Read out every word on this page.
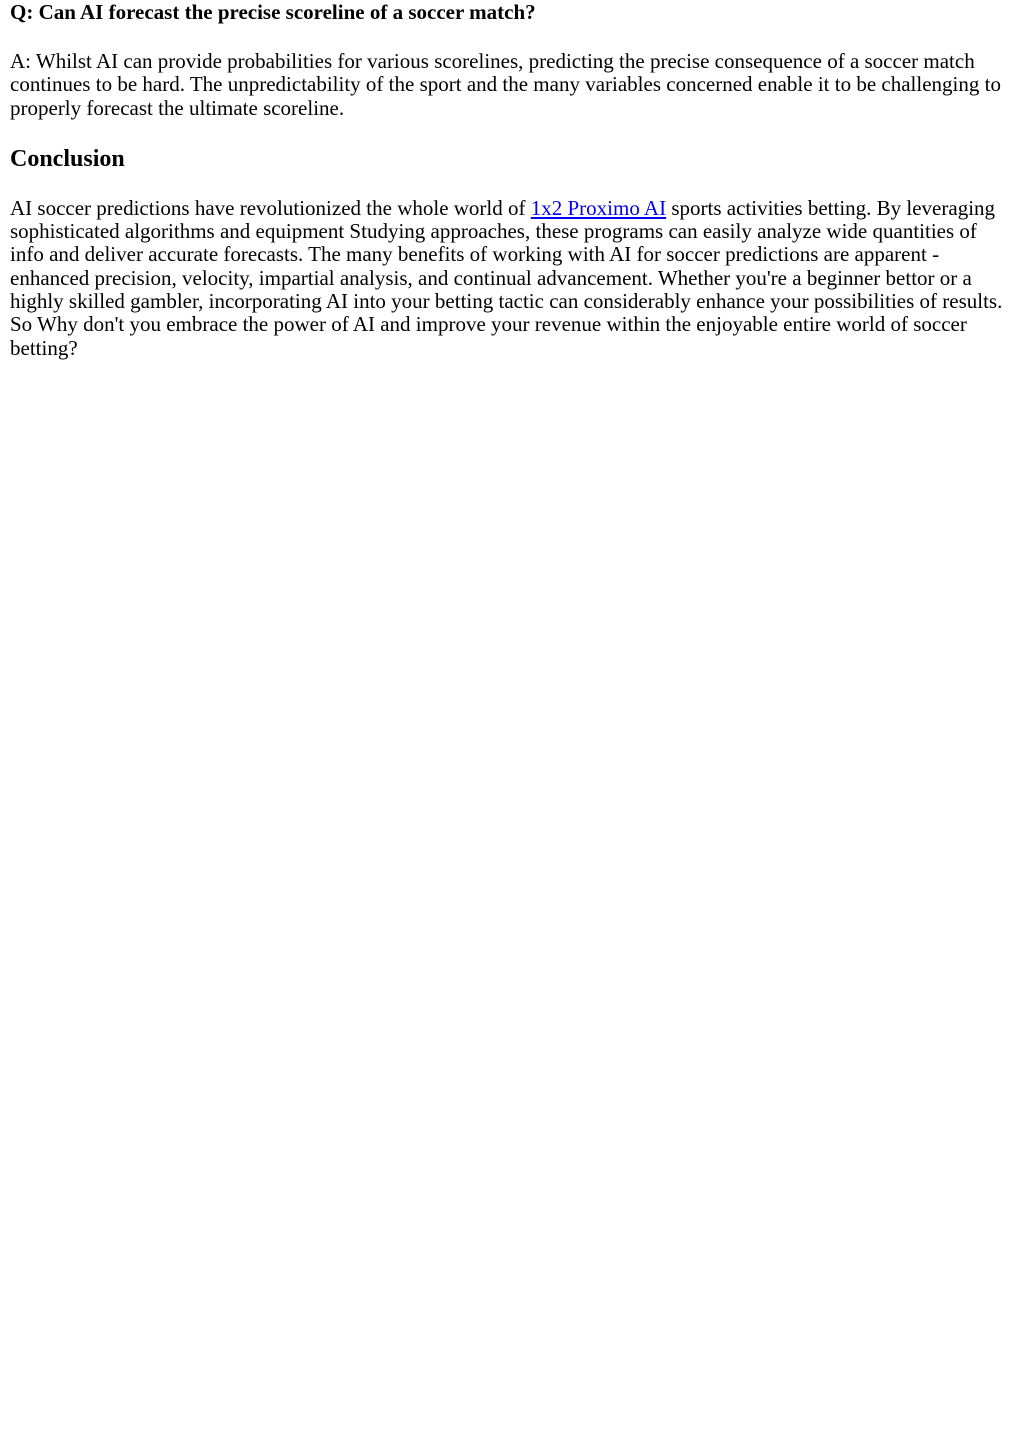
Q: Can AI forecast the precise scoreline of a soccer match?

A: Whilst AI can provide probabilities for various scorelines, predicting the precise consequence of a soccer match continues to be hard. The unpredictability of the sport and the many variables concerned enable it to be challenging to properly forecast the ultimate scoreline.

Conclusion

AI soccer predictions have revolutionized the whole world of 1x2 Proximo AI sports activities betting. By leveraging sophisticated algorithms and equipment Studying approaches, these programs can easily analyze wide quantities of info and deliver accurate forecasts. The many benefits of working with AI for soccer predictions are apparent - enhanced precision, velocity, impartial analysis, and continual advancement. Whether you're a beginner bettor or a highly skilled gambler, incorporating AI into your betting tactic can considerably enhance your possibilities of results. So Why don't you embrace the power of AI and improve your revenue within the enjoyable entire world of soccer betting?
